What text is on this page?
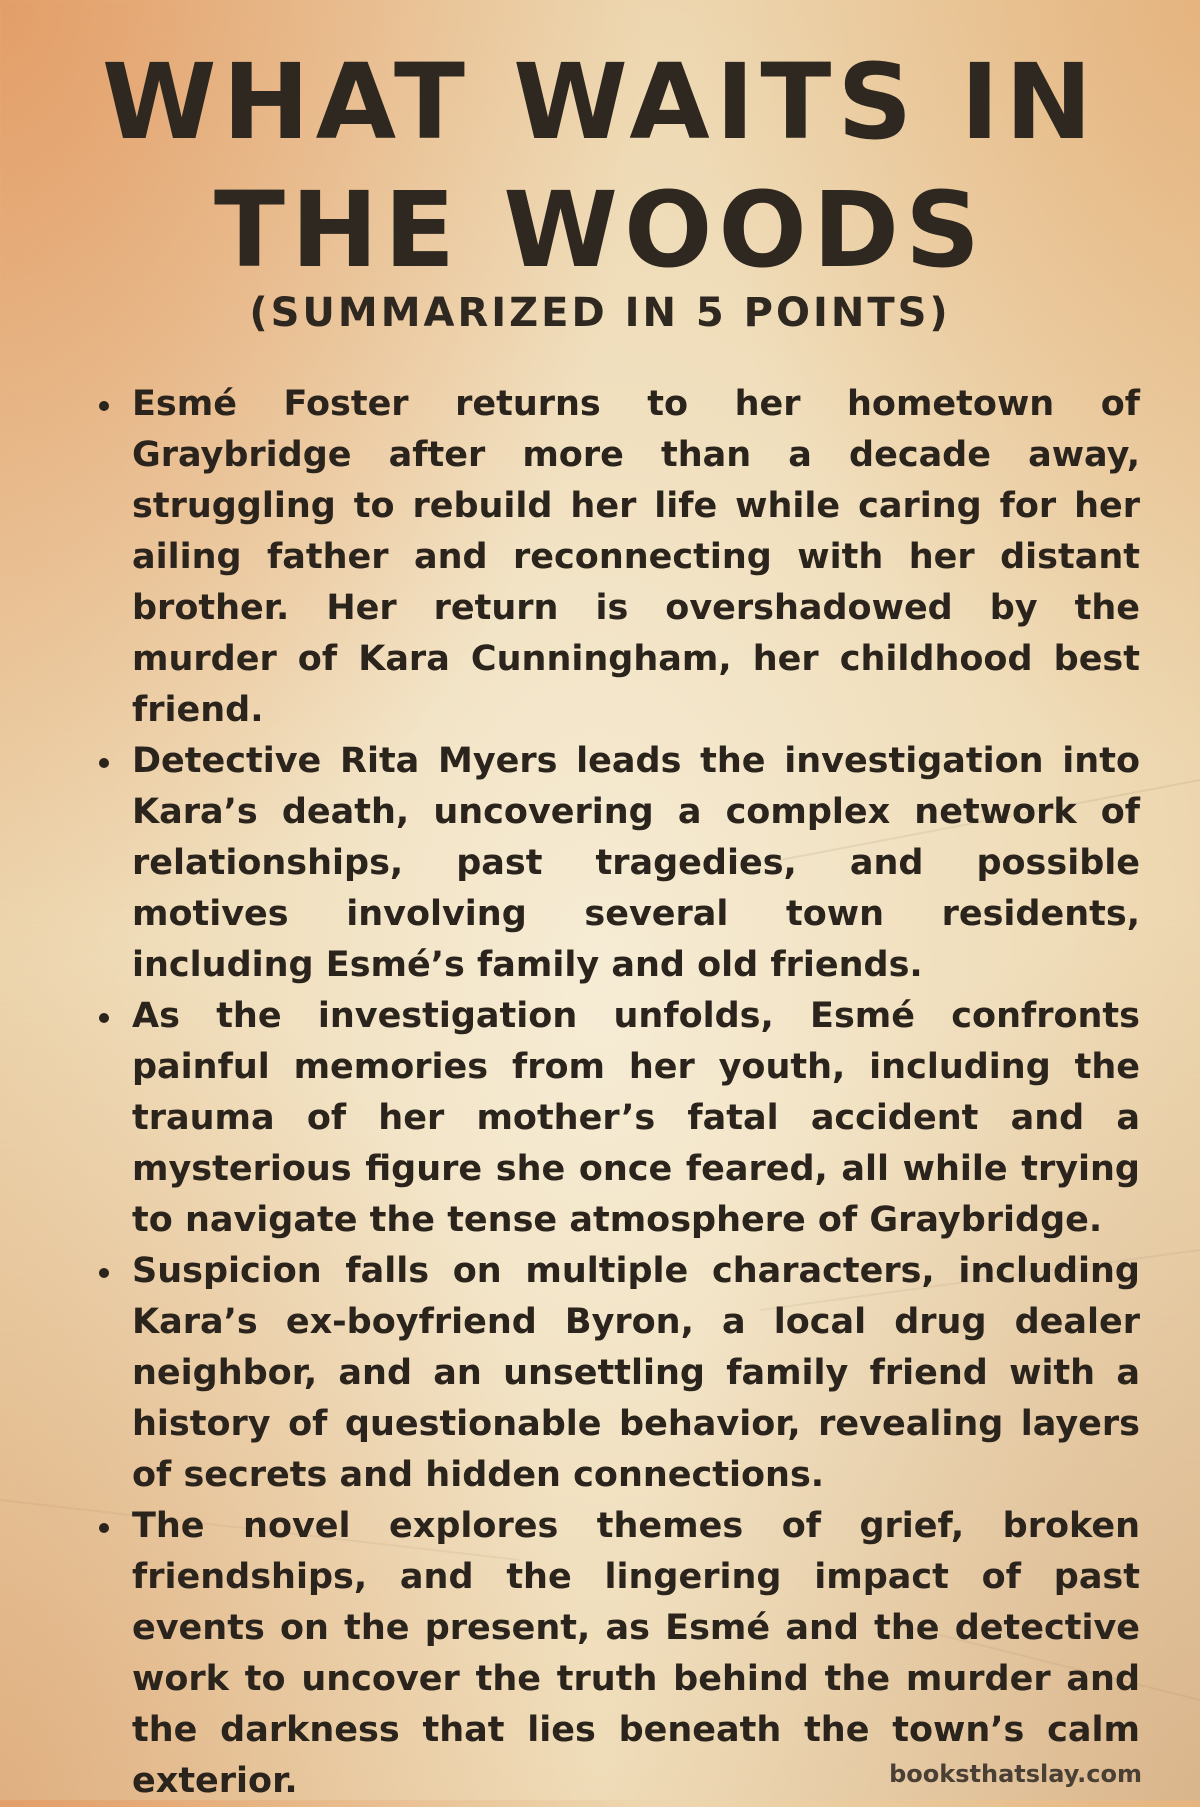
WHAT WAITS IN
THE WOODS
(SUMMARIZED IN 5 POINTS)
Esmé Foster returns to her hometown of Graybridge after more than a decade away, struggling to rebuild her life while caring for her ailing father and reconnecting with her distant brother. Her return is overshadowed by the murder of Kara Cunningham, her childhood best friend.
Detective Rita Myers leads the investigation into Kara’s death, uncovering a complex network of relationships, past tragedies, and possible motives involving several town residents, including Esmé’s family and old friends.
As the investigation unfolds, Esmé confronts painful memories from her youth, including the trauma of her mother’s fatal accident and a mysterious figure she once feared, all while trying to navigate the tense atmosphere of Graybridge.
Suspicion falls on multiple characters, including Kara’s ex-boyfriend Byron, a local drug dealer neighbor, and an unsettling family friend with a history of questionable behavior, revealing layers of secrets and hidden connections.
The novel explores themes of grief, broken friendships, and the lingering impact of past events on the present, as Esmé and the detective work to uncover the truth behind the murder and the darkness that lies beneath the town’s calm exterior.	booksthatslay.com
